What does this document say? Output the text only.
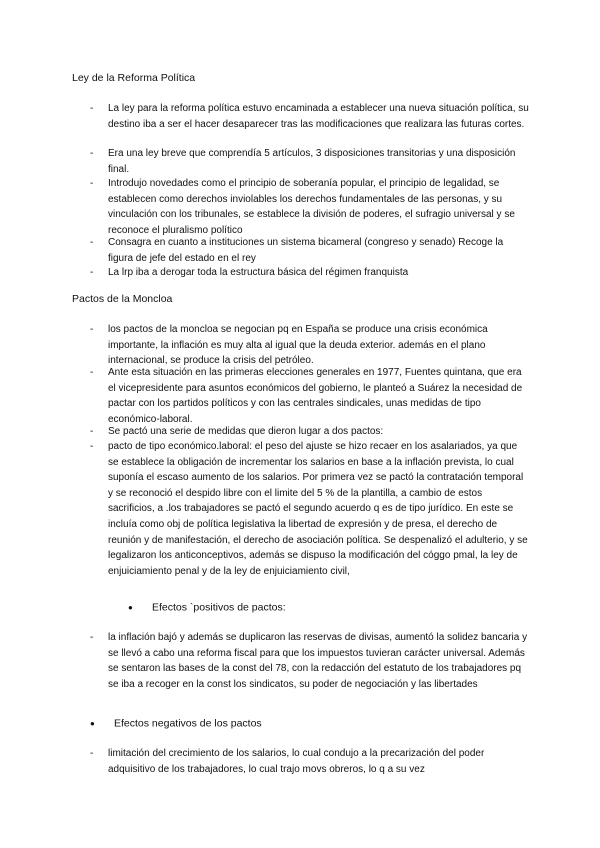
Ley de la Reforma Política
-	La ley para la reforma política estuvo encaminada a establecer una nueva situación política, su destino iba a ser el hacer desaparecer tras las modificaciones que realizara las futuras cortes.
-	Era una ley breve que comprendía 5 artículos, 3 disposiciones transitorias y una disposición final.
-	Introdujo novedades como el principio de soberanía popular, el principio de legalidad, se establecen como derechos inviolables los derechos fundamentales de las personas, y su vinculación con los tribunales, se establece la división de poderes, el sufragio universal y se reconoce el pluralismo político
-	Consagra en cuanto a instituciones un sistema bicameral (congreso y senado) Recoge la figura de jefe del estado en el rey
-	La lrp iba a derogar toda la estructura básica del régimen franquista
Pactos de la Moncloa
-	los pactos de la moncloa se negocian pq en España se produce una crisis económica importante, la inflación es muy alta al igual que la deuda exterior. además en el plano internacional, se produce la crisis del petróleo.
-	Ante esta situación en las primeras elecciones generales en 1977, Fuentes quintana, que era el vicepresidente para asuntos económicos del gobierno, le planteó a Suárez la necesidad de pactar con los partidos políticos y con las centrales sindicales, unas medidas de tipo económico-laboral.
-	Se pactó una serie de medidas que dieron lugar a dos pactos:
-	pacto de tipo económico.laboral: el peso del ajuste se hizo recaer en los asalariados, ya que se establece la obligación de incrementar los salarios en base a la inflación prevista, lo cual suponía el escaso aumento de los salarios. Por primera vez se pactó la contratación temporal y se reconoció el despido libre con el limite del 5 % de la plantilla, a cambio de estos sacrificios, a .los trabajadores se pactó el segundo acuerdo q es de tipo jurídico. En este se incluía como obj de política legislativa la libertad de expresión y de presa, el derecho de reunión y de manifestación, el derecho de asociación política. Se despenalizó el adulterio, y se legalizaron los anticonceptivos, además se dispuso la modificación del cóggo pmal, la ley de enjuiciamiento penal y de la ley de enjuiciamiento civil,
● Efectos `positivos de pactos:
-	la inflación bajó y además se duplicaron las reservas de divisas, aumentó la solidez bancaria y se llevó a cabo una reforma fiscal para que los impuestos tuvieran carácter universal. Además se sentaron las bases de la const del 78, con la redacción del estatuto de los trabajadores pq se iba a recoger en la const los sindicatos, su poder de negociación y las libertades
● Efectos negativos de los pactos
-	limitación del crecimiento de los salarios, lo cual condujo a la precarización del poder adquisitivo de los trabajadores, lo cual trajo movs obreros, lo q a su vez
